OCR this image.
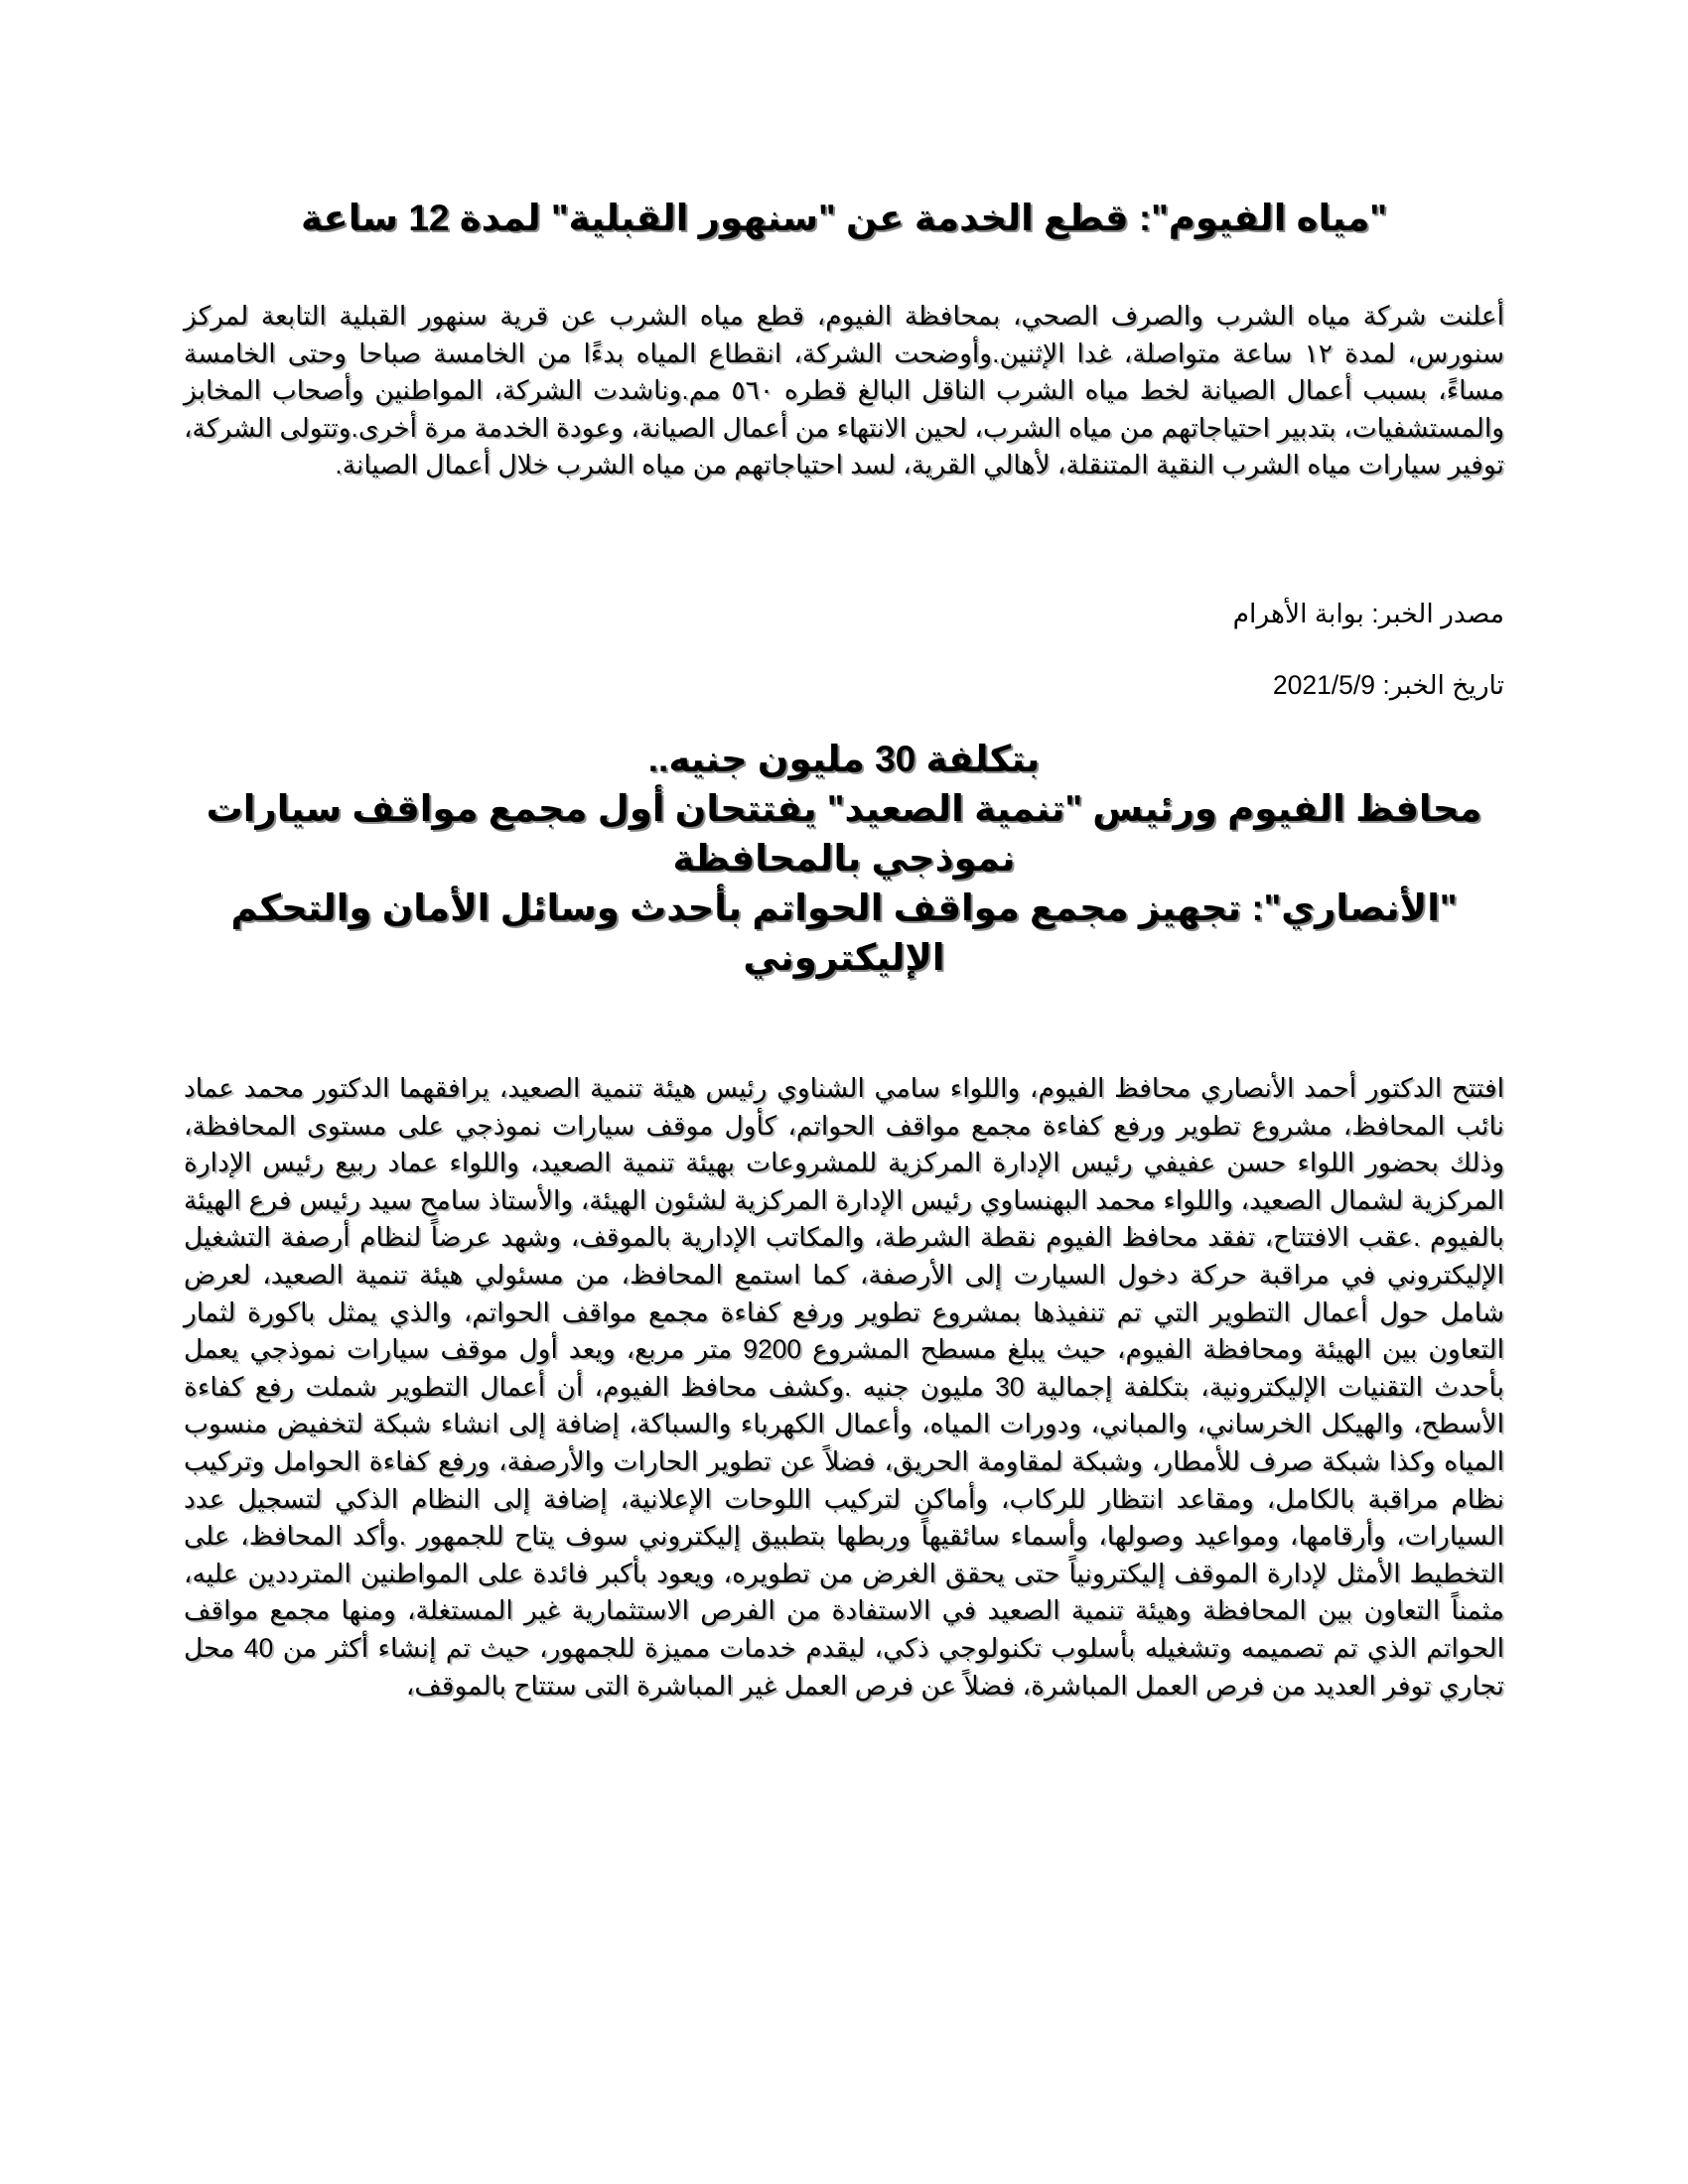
"مياه الفيوم": قطع الخدمة عن "سنهور القبلية" لمدة 12 ساعة

أعلنت شركة مياه الشرب والصرف الصحي، بمحافظة الفيوم، قطع مياه الشرب عن قرية سنهور القبلية التابعة لمركز سنورس، لمدة ١٢ ساعة متواصلة، غدا الإثنين.وأوضحت الشركة، انقطاع المياه بدءًا من الخامسة صباحا وحتى الخامسة مساءً، بسبب أعمال الصيانة لخط مياه الشرب الناقل البالغ قطره ٥٦٠ مم.وناشدت الشركة، المواطنين وأصحاب المخابز والمستشفيات، بتدبير احتياجاتهم من مياه الشرب، لحين الانتهاء من أعمال الصيانة، وعودة الخدمة مرة أخرى.وتتولى الشركة، توفير سيارات مياه الشرب النقية المتنقلة، لأهالي القرية، لسد احتياجاتهم من مياه الشرب خلال أعمال الصيانة.

مصدر الخبر: بوابة الأهرام

تاريخ الخبر: 2021/5/9

بتكلفة 30 مليون جنيه..
محافظ الفيوم ورئيس "تنمية الصعيد" يفتتحان أول مجمع مواقف سيارات نموذجي بالمحافظة
"الأنصاري": تجهيز مجمع مواقف الحواتم بأحدث وسائل الأمان والتحكم الإليكتروني

افتتح الدكتور أحمد الأنصاري محافظ الفيوم، واللواء سامي الشناوي رئيس هيئة تنمية الصعيد، يرافقهما الدكتور محمد عماد نائب المحافظ، مشروع تطوير ورفع كفاءة مجمع مواقف الحواتم، كأول موقف سيارات نموذجي على مستوى المحافظة، وذلك بحضور اللواء حسن عفيفي رئيس الإدارة المركزية للمشروعات بهيئة تنمية الصعيد، واللواء عماد ربيع رئيس الإدارة المركزية لشمال الصعيد، واللواء محمد البهنساوي رئيس الإدارة المركزية لشئون الهيئة، والأستاذ سامح سيد رئيس فرع الهيئة بالفيوم .عقب الافتتاح، تفقد محافظ الفيوم نقطة الشرطة، والمكاتب الإدارية بالموقف، وشهد عرضاً لنظام أرصفة التشغيل الإليكتروني في مراقبة حركة دخول السيارت إلى الأرصفة، كما استمع المحافظ، من مسئولي هيئة تنمية الصعيد، لعرض شامل حول أعمال التطوير التي تم تنفيذها بمشروع تطوير ورفع كفاءة مجمع مواقف الحواتم، والذي يمثل باكورة لثمار التعاون بين الهيئة ومحافظة الفيوم، حيث يبلغ مسطح المشروع 9200 متر مربع، ويعد أول موقف سيارات نموذجي يعمل بأحدث التقنيات الإليكترونية، بتكلفة إجمالية 30 مليون جنيه .وكشف محافظ الفيوم، أن أعمال التطوير شملت رفع كفاءة الأسطح، والهيكل الخرساني، والمباني، ودورات المياه، وأعمال الكهرباء والسباكة، إضافة إلى انشاء شبكة لتخفيض منسوب المياه وكذا شبكة صرف للأمطار، وشبكة لمقاومة الحريق، فضلاً عن تطوير الحارات والأرصفة، ورفع كفاءة الحوامل وتركيب نظام مراقبة بالكامل، ومقاعد انتظار للركاب، وأماكن لتركيب اللوحات الإعلانية، إضافة إلى النظام الذكي لتسجيل عدد السيارات، وأرقامها، ومواعيد وصولها، وأسماء سائقيهاً وربطها بتطبيق إليكتروني سوف يتاح للجمهور .وأكد المحافظ، على التخطيط الأمثل لإدارة الموقف إليكترونياً حتى يحقق الغرض من تطويره، ويعود بأكبر فائدة على المواطنين المترددين عليه، مثمناً التعاون بين المحافظة وهيئة تنمية الصعيد في الاستفادة من الفرص الاستثمارية غير المستغلة، ومنها مجمع مواقف الحواتم الذي تم تصميمه وتشغيله بأسلوب تكنولوجي ذكي، ليقدم خدمات مميزة للجمهور، حيث تم إنشاء أكثر من 40 محل تجاري توفر العديد من فرص العمل المباشرة، فضلاً عن فرص العمل غير المباشرة التى ستتاح بالموقف،
